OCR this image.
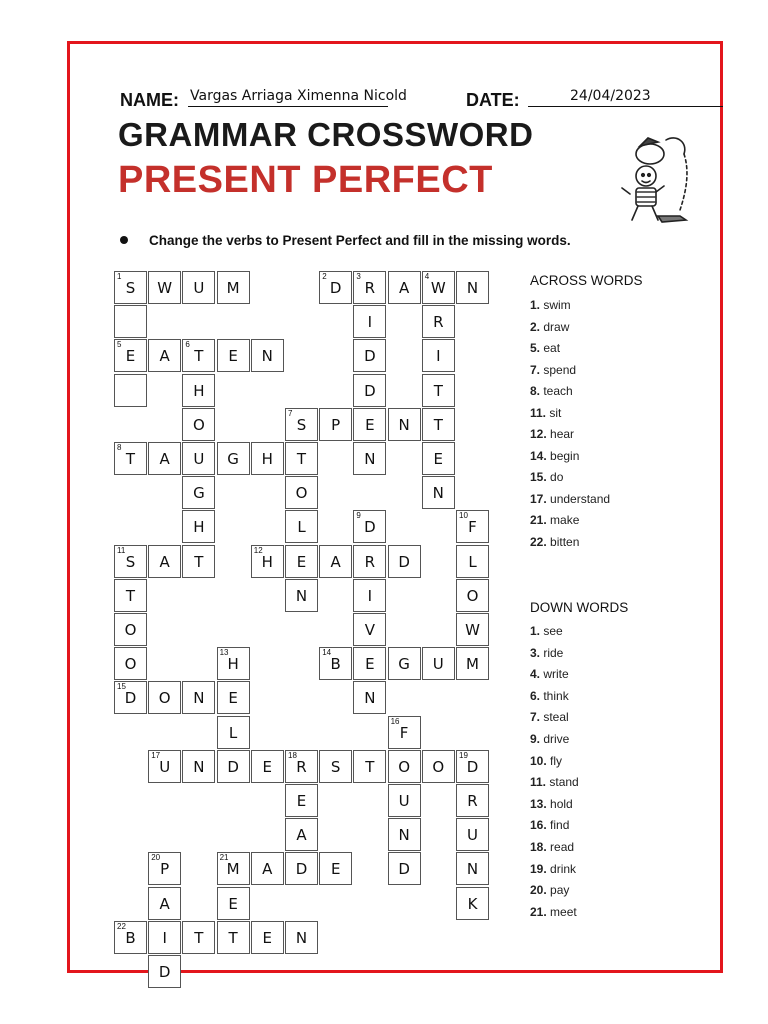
NAME: Vargas Arriaga Ximenna Nicold	DATE:	24/04/2023
GRAMMAR CROSSWORD
PRESENT PERFECT
Change the verbs to Present Perfect and fill in the missing words.
1
S	W	U	M
2
D
3
R	A
4
W	N
I	R
5
E	A
6
T	E	N	D	I
H	D	T
O
7
S	P	E	N	T
8
T	A	U	G	H	T	N	E
G	O	N
H	L
9
D
10
F
11
S	A	T
12
H	E	A	R	D	L
T	N	I	O
O	V	W
O
13
H
14
B	E	G	U	M
15
D	O	N	E	N
L
16
F
17
U	N	D	E
18
R	S	T	O	O
19
D
E	U	R
A	N	U
20
P
21
M	A	D	E	D	N
A	E	K
22
B	I	T	T	E	N
D
ACROSS WORDS
1. swim
2. draw
5. eat
7. spend
8. teach
11. sit
12. hear
14. begin
15. do
17. understand
21. make
22. bitten
DOWN WORDS
1. see
3. ride
4. write
6. think
7. steal
9. drive
10. fly
11. stand
13. hold
16. find
18. read
19. drink
20. pay
21. meet
